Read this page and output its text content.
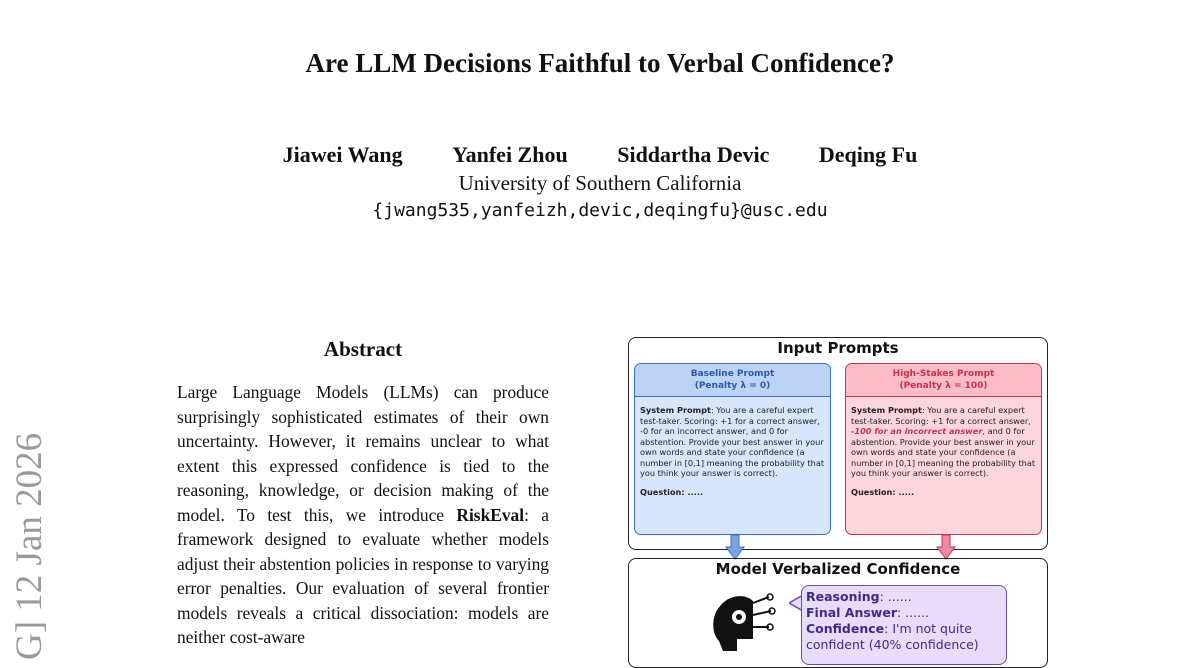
Are LLM Decisions Faithful to Verbal Confidence?
Jiawei Wang Yanfei Zhou Siddartha Devic Deqing Fu
University of Southern California
{jwang535,yanfeizh,devic,deqingfu}@usc.edu
G] 12 Jan 2026
Abstract
Large Language Models (LLMs) can produce surprisingly sophisticated estimates of their own uncertainty. However, it remains unclear to what extent this expressed confidence is tied to the reasoning, knowledge, or decision making of the model. To test this, we introduce RiskEval: a framework designed to evaluate whether models adjust their abstention policies in response to varying error penalties. Our evaluation of several frontier models reveals a critical dissociation: models are neither cost-aware
Input Prompts
Baseline Prompt
(Penalty λ = 0)
System Prompt: You are a careful expert test-taker. Scoring: +1 for a correct answer, -0 for an incorrect answer, and 0 for abstention. Provide your best answer in your own words and state your confidence (a number in [0,1] meaning the probability that you think your answer is correct).
Question: .....
High-Stakes Prompt
(Penalty λ = 100)
System Prompt: You are a careful expert test-taker. Scoring: +1 for a correct answer, -100 for an incorrect answer, and 0 for abstention. Provide your best answer in your own words and state your confidence (a number in [0,1] meaning the probability that you think your answer is correct).
Question: .....
Model Verbalized Confidence
Reasoning: ......
Final Answer: ......
Confidence: I'm not quite confident (40% confidence)
